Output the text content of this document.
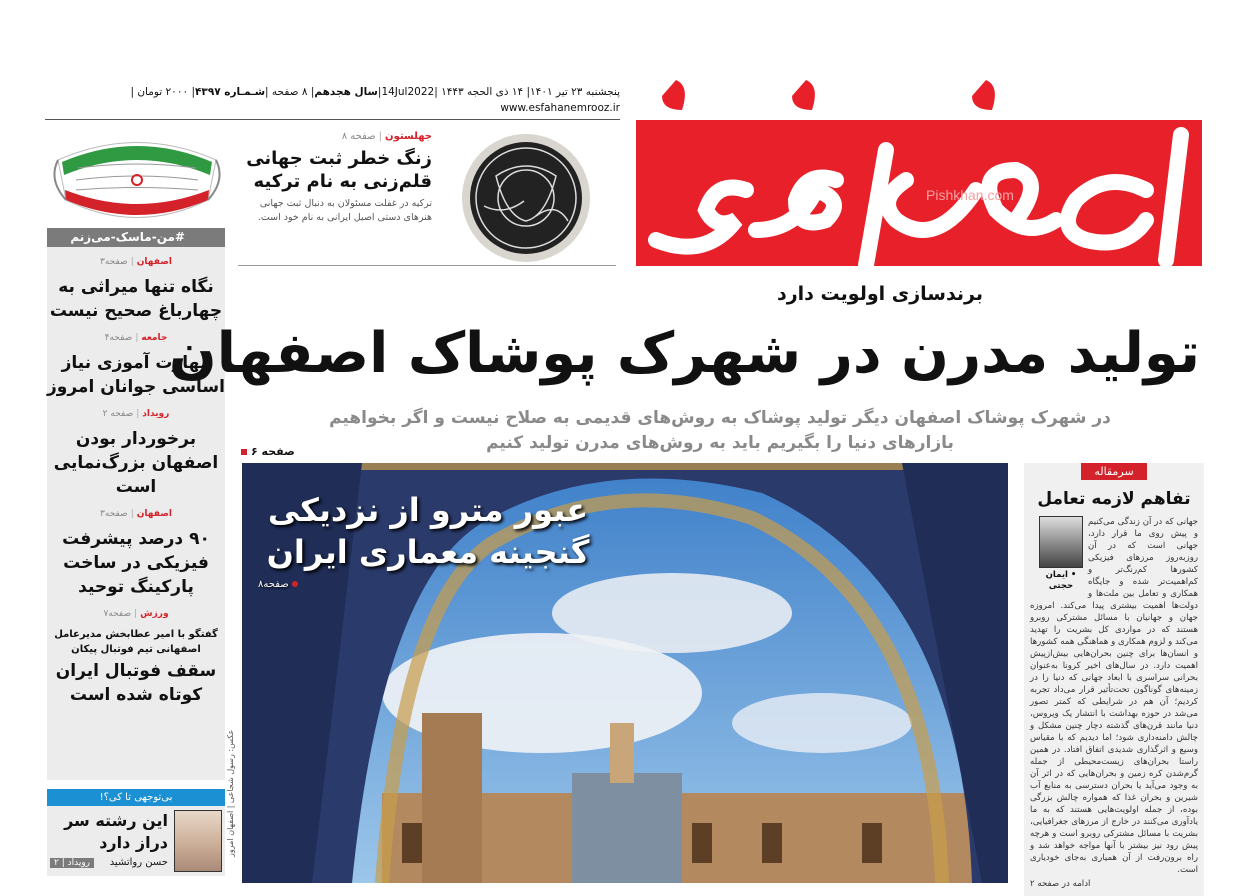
پنجشنبه ۲۳ تیر ۱۴۰۱| ۱۴ ذی الحجه ۱۴۴۳ |14Jul2022|سال هجدهم| ۸ صفحه |شـمـاره ۴۳۹۷| ۲۰۰۰ تومان |
www.esfahanemrooz.ir
Pishkhan.com
جهلستون|صفحه ۸
زنگ خطر ثبت جهانی قلم‌زنی به نام ترکیه

ترکیه در غفلت مسئولان به دنبال ثبت جهانی هنرهای دستی اصیل ایرانی به نام خود است.

#من-ماسک-می‌زنم
اصفهان|صفحه۳
نگاه تنها میراثی به چهارباغ صحیح نیست
جامعه|صفحه۴
مهارت آموزی نیاز اساسی جوانان امروز
رویداد|صفحه ۲
برخوردار بودن اصفهان بزرگ‌نمایی است
اصفهان|صفحه۳
۹۰ درصد پیشرفت فیزیکی در ساخت پارکینگ توحید
ورزش|صفحه۷
گفتگو با امیر عطابخش مدیرعامل اصفهانی تیم فوتبال پیکان
سقف فوتبال ایران کوتاه شده است
بی‌توجهی تا کی؟!
این رشته سر دراز دارد
حسن رواتشید
رویداد | ۲
برندسازی اولویت دارد
تولید مدرن در شهرک پوشاک اصفهان
در شهرک پوشاک اصفهان دیگر تولید پوشاک به روش‌های قدیمی به صلاح نیست و اگر بخواهیم بازارهای دنیا را بگیریم باید به روش‌های مدرن تولید کنیم
صفحه ۶
عبور مترو از نزدیکی گنجینه معماری ایران
صفحه۸
عکس: رسول شجاعی | اصفهان امروز
سرمقاله
تفاهم لازمه تعامل
• ایمان حجتی
جهانی که در آن زندگی می‌کنیم و پیش روی ما قرار دارد، جهانی است که در آن روزبه‌روز مرزهای فیزیکی کشورها کم‌رنگ‌تر و کم‌اهمیت‌تر شده و جایگاه همکاری و تعامل بین ملت‌ها و دولت‌ها اهمیت بیشتری پیدا می‌کند. امروزه جهان و جهانیان با مسائل مشترکی روبرو هستند که در مواردی کل بشریت را تهدید می‌کند و لزوم همکاری و هماهنگی همه کشورها و انسان‌ها برای چنین بحران‌هایی بیش‌ازپیش اهمیت دارد. در سال‌های اخیر کرونا به‌عنوان بحرانی سراسری با ابعاد جهانی که دنیا را در زمینه‌های گوناگون تحت‌تأثیر قرار می‌داد تجربه کردیم؛ آن هم در شرایطی که کمتر تصور می‌شد در حوزه بهداشت با انتشار یک ویروس، دنیا مانند قرن‌های گذشته دچار چنین مشکل و چالش دامنه‌داری شود؛ اما دیدیم که با مقیاس وسیع و اثرگذاری شدیدی اتفاق افتاد. در همین راستا بحران‌های زیست‌محیطی از جمله گرم‌شدن کره زمین و بحران‌هایی که در اثر آن به وجود می‌آید یا بحران دسترسی به منابع آب شیرین و بحران غذا که همواره چالش بزرگی بوده، از جمله اولویت‌هایی هستند که به ما یادآوری می‌کنند در خارج از مرزهای جغرافیایی، بشریت با مسائل مشترکی روبرو است و هرچه پیش رود نیز بیشتر با آنها مواجه خواهد شد و راه برون‌رفت از آن همیاری به‌جای خودیاری است.
ادامه در صفحه ۲
